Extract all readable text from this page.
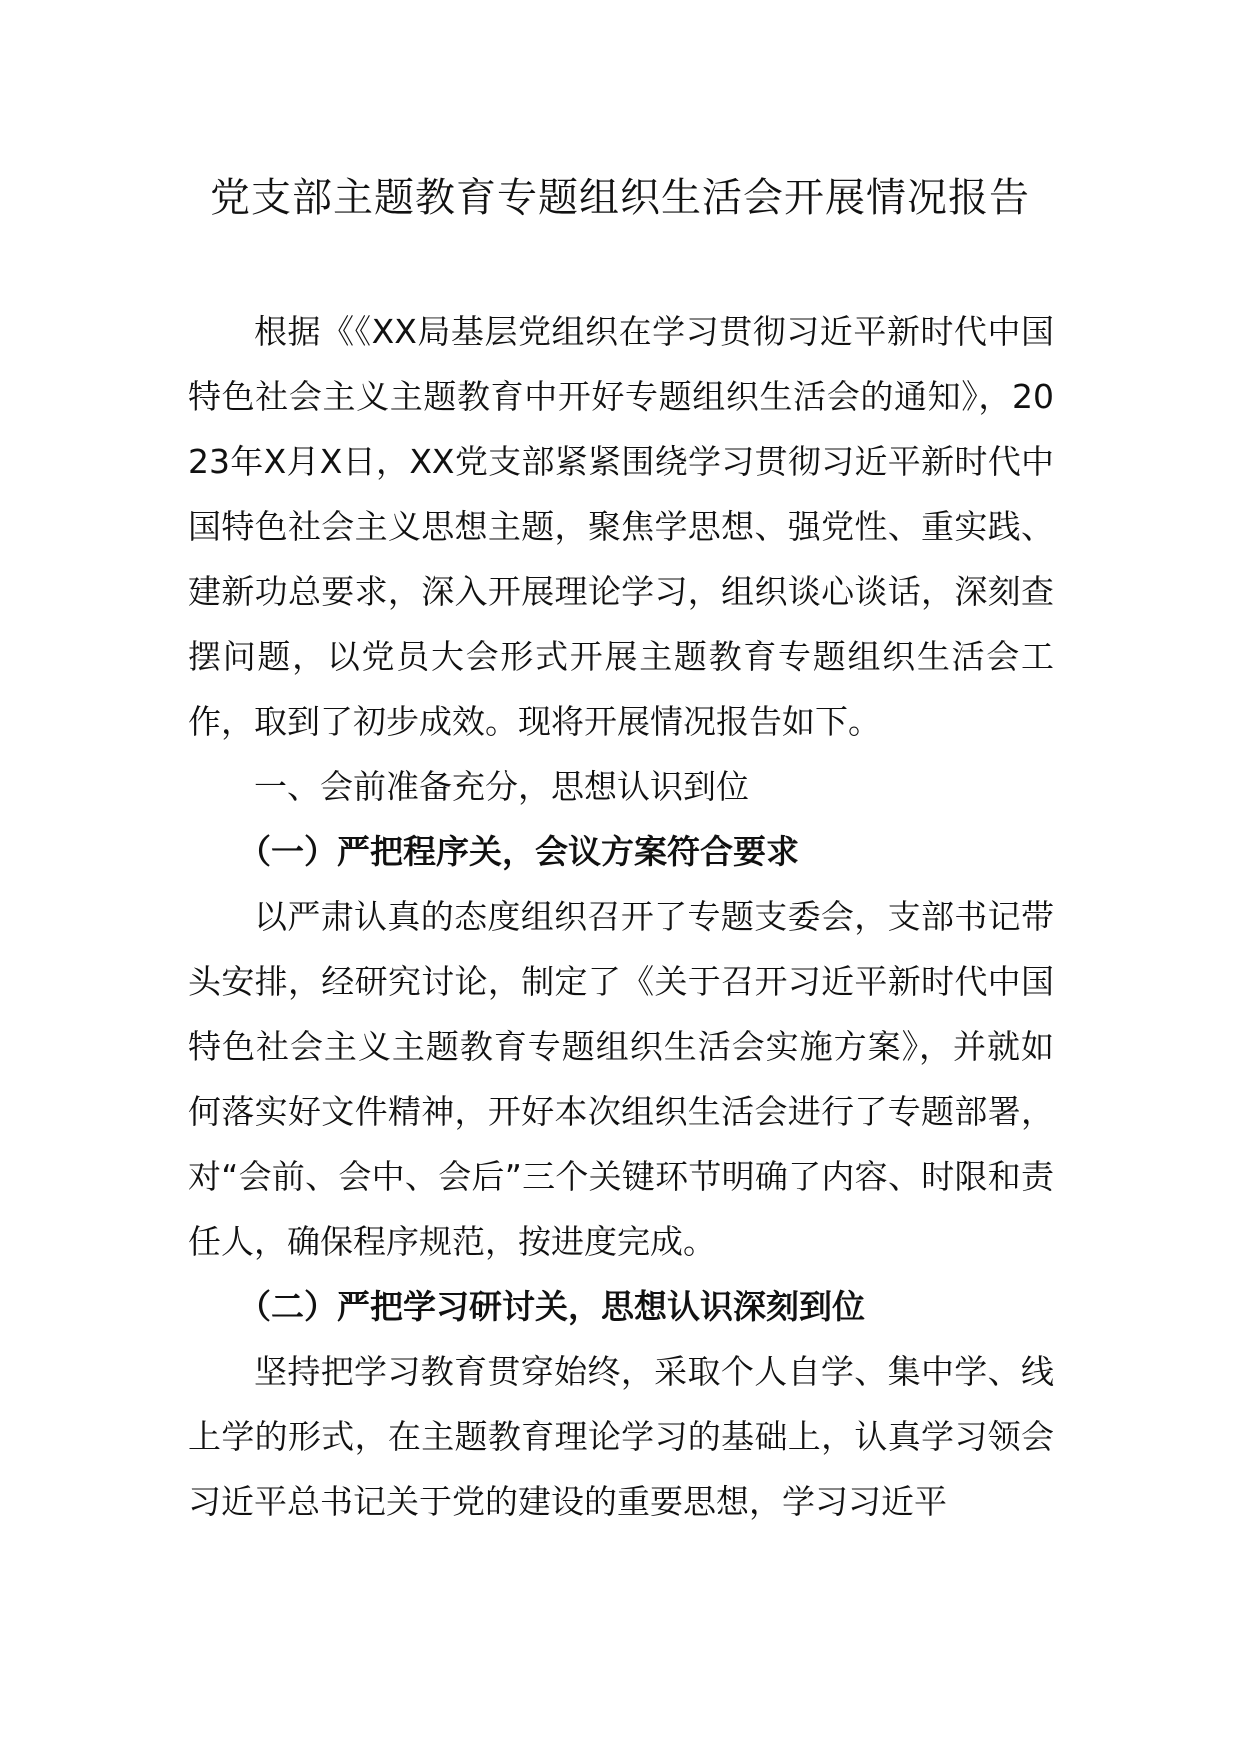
党支部主题教育专题组织生活会开展情况报告

根据《《XX局基层党组织在学习贯彻习近平新时代中国特色社会主义主题教育中开好专题组织生活会的通知》，2023年X月X日，XX党支部紧紧围绕学习贯彻习近平新时代中国特色社会主义思想主题，聚焦学思想、强党性、重实践、建新功总要求，深入开展理论学习，组织谈心谈话，深刻查摆问题，以党员大会形式开展主题教育专题组织生活会工作，取到了初步成效。现将开展情况报告如下。

一、会前准备充分，思想认识到位

（一）严把程序关，会议方案符合要求

以严肃认真的态度组织召开了专题支委会，支部书记带头安排，经研究讨论，制定了《关于召开习近平新时代中国特色社会主义主题教育专题组织生活会实施方案》，并就如何落实好文件精神，开好本次组织生活会进行了专题部署，对“会前、会中、会后”三个关键环节明确了内容、时限和责任人，确保程序规范，按进度完成。

（二）严把学习研讨关，思想认识深刻到位

坚持把学习教育贯穿始终，采取个人自学、集中学、线上学的形式，在主题教育理论学习的基础上，认真学习领会习近平总书记关于党的建设的重要思想，学习习近平
